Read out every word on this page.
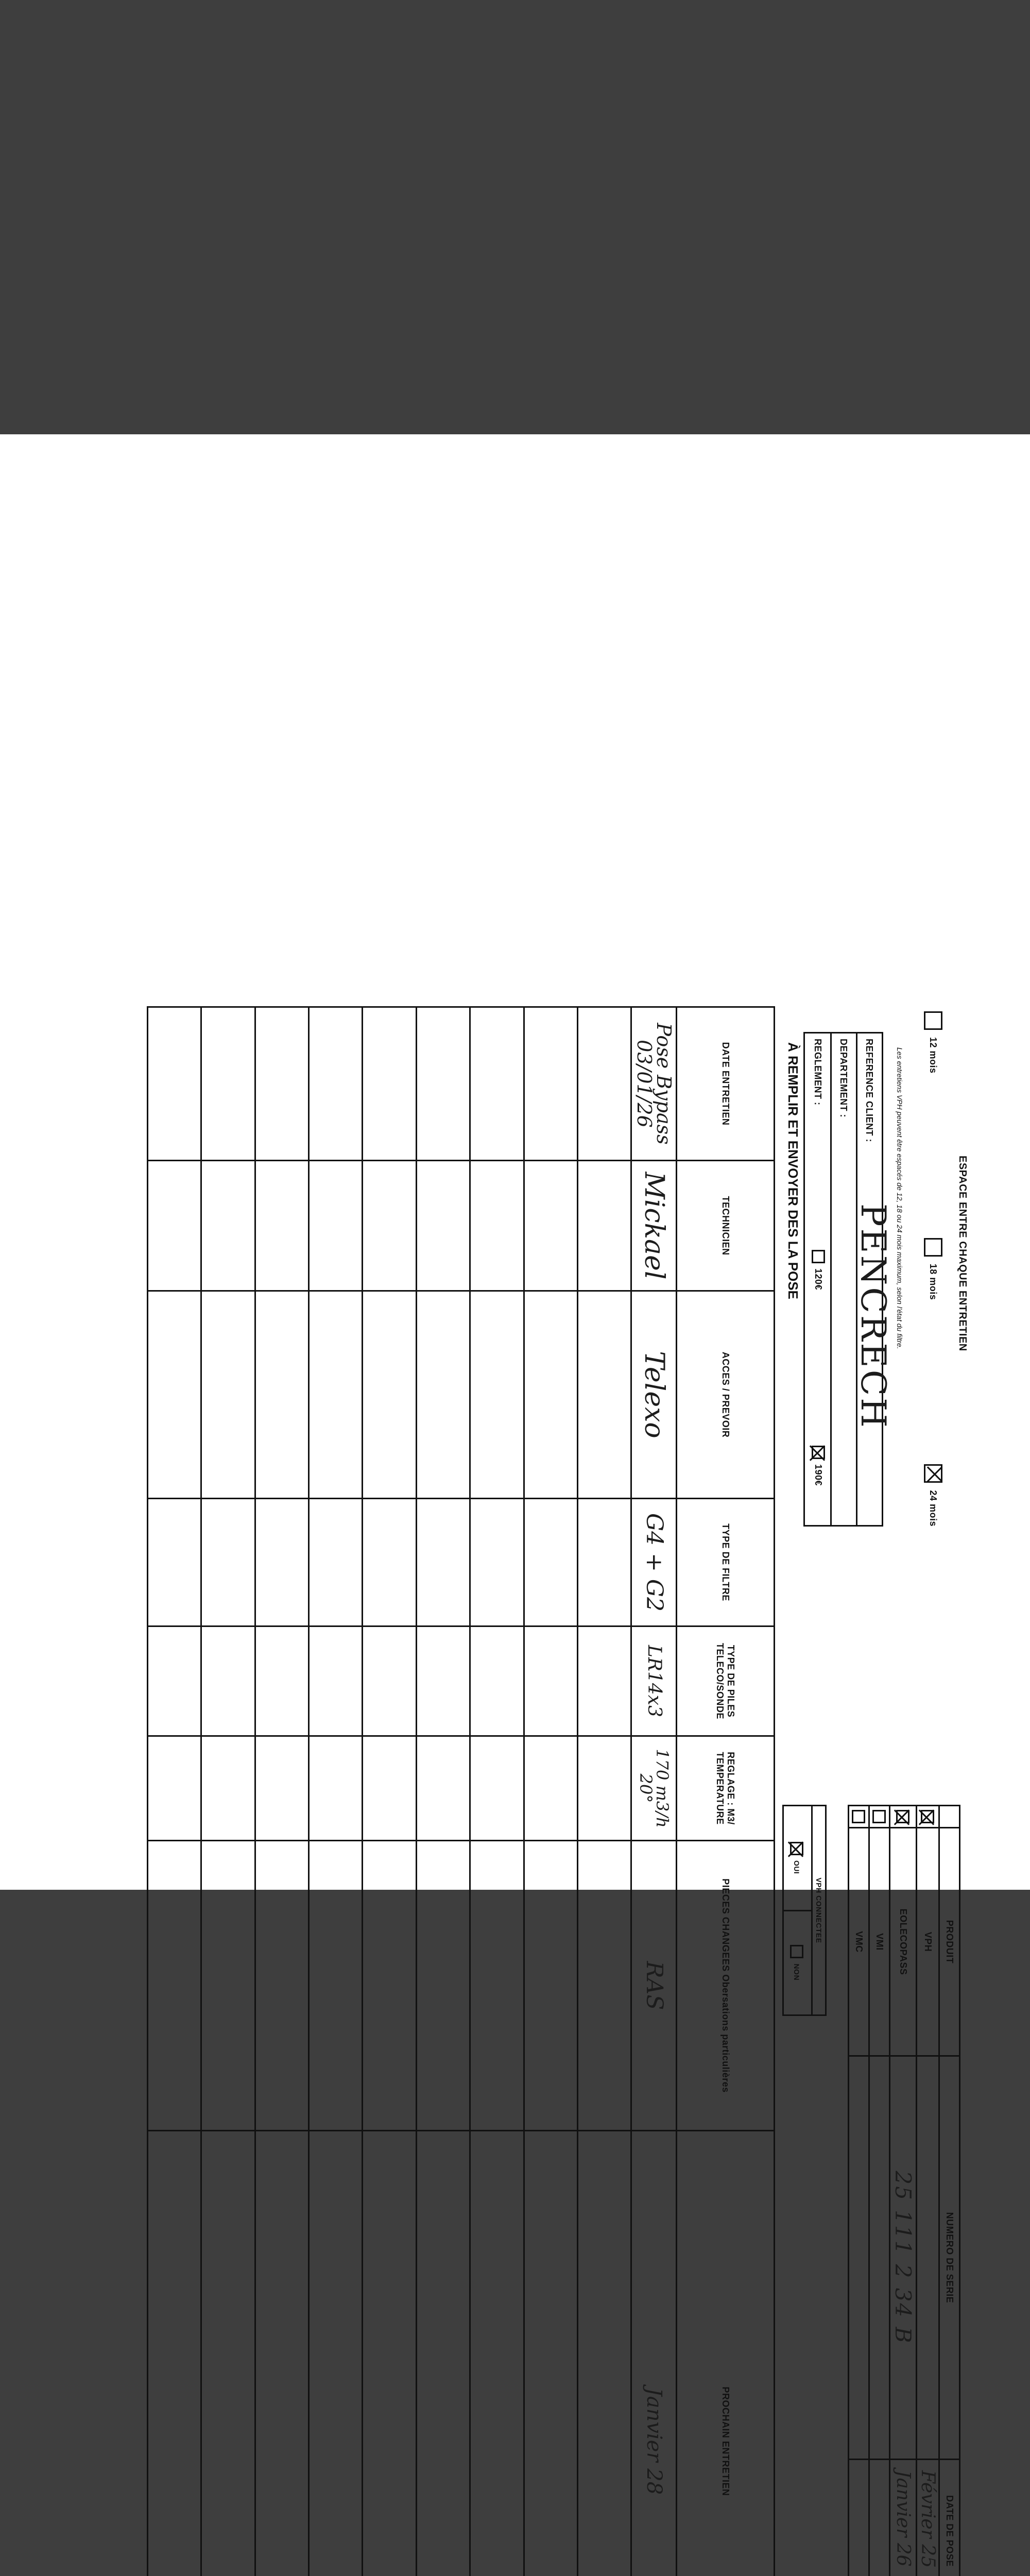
ESPACE ENTRE CHAQUE ENTRETIEN
12 mois
18 mois
24 mois
Les entretiens VPH peuvent être espacés de 12, 18 ou 24 mois maximum, selon l'état du filtre.
REFERENCE CLIENT :
PENCRECH
DEPARTEMENT :
REGLEMENT :
120€
190€
À REMPLIR ET ENVOYER DES LA POSE
	PRODUIT	NUMERO DE SERIE	DATE DE POSE
	VPH		Février 25
	EOLECOPASS	25 111 2 34 B	Janvier 26
	VMI		
	VMC		
VPH CONNECTEE
OUI
NON
DATE ENTRETIEN	TECHNICIEN	ACCES / PREVOIR	TYPE DE FILTRE	TYPE DE PILES TELECO/SONDE	REGLAGE : M3/ TEMPERATURE	PIECES CHANGEES Obersations particulières	PROCHAIN ENTRETIEN
Pose Bypass 03/01/26	Mickael	Telexo	G4 + G2	LR14x3	170 m3/h 20°	RAS	Janvier 28
